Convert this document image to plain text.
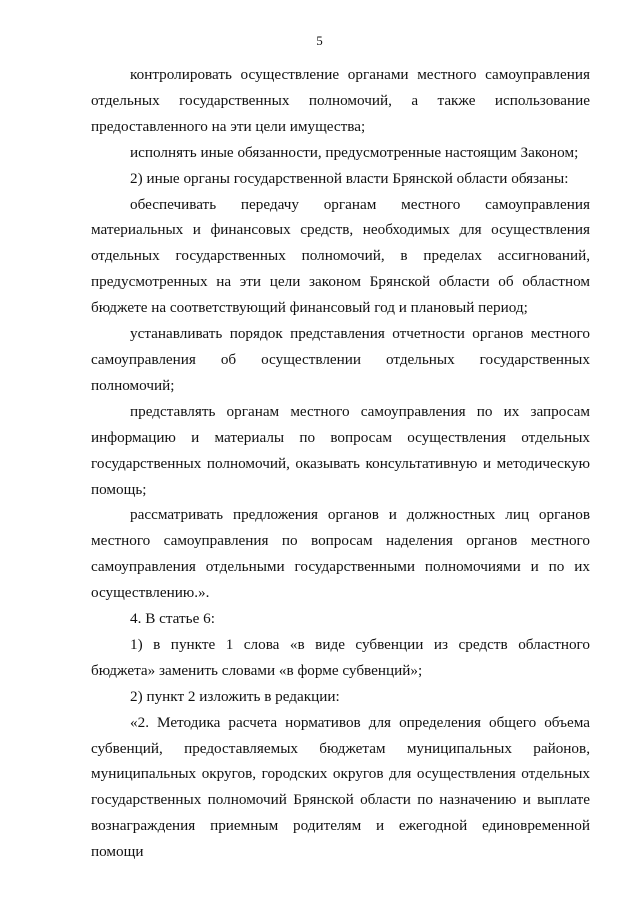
5

контролировать осуществление органами местного самоуправления отдельных государственных полномочий, а также использование предоставленного на эти цели имущества;

исполнять иные обязанности, предусмотренные настоящим Законом;

2) иные органы государственной власти Брянской области обязаны:

обеспечивать передачу органам местного самоуправления материальных и финансовых средств, необходимых для осуществления отдельных государственных полномочий, в пределах ассигнований, предусмотренных на эти цели законом Брянской области об областном бюджете на соответствующий финансовый год и плановый период;

устанавливать порядок представления отчетности органов местного самоуправления об осуществлении отдельных государственных полномочий;

представлять органам местного самоуправления по их запросам информацию и материалы по вопросам осуществления отдельных государственных полномочий, оказывать консультативную и методическую помощь;

рассматривать предложения органов и должностных лиц органов местного самоуправления по вопросам наделения органов местного самоуправления отдельными государственными полномочиями и по их осуществлению.».

4. В статье 6:

1) в пункте 1 слова «в виде субвенции из средств областного бюджета» заменить словами «в форме субвенций»;

2) пункт 2 изложить в редакции:

«2. Методика расчета нормативов для определения общего объема субвенций, предоставляемых бюджетам муниципальных районов, муниципальных округов, городских округов для осуществления отдельных государственных полномочий Брянской области по назначению и выплате вознаграждения приемным родителям и ежегодной единовременной помощи
